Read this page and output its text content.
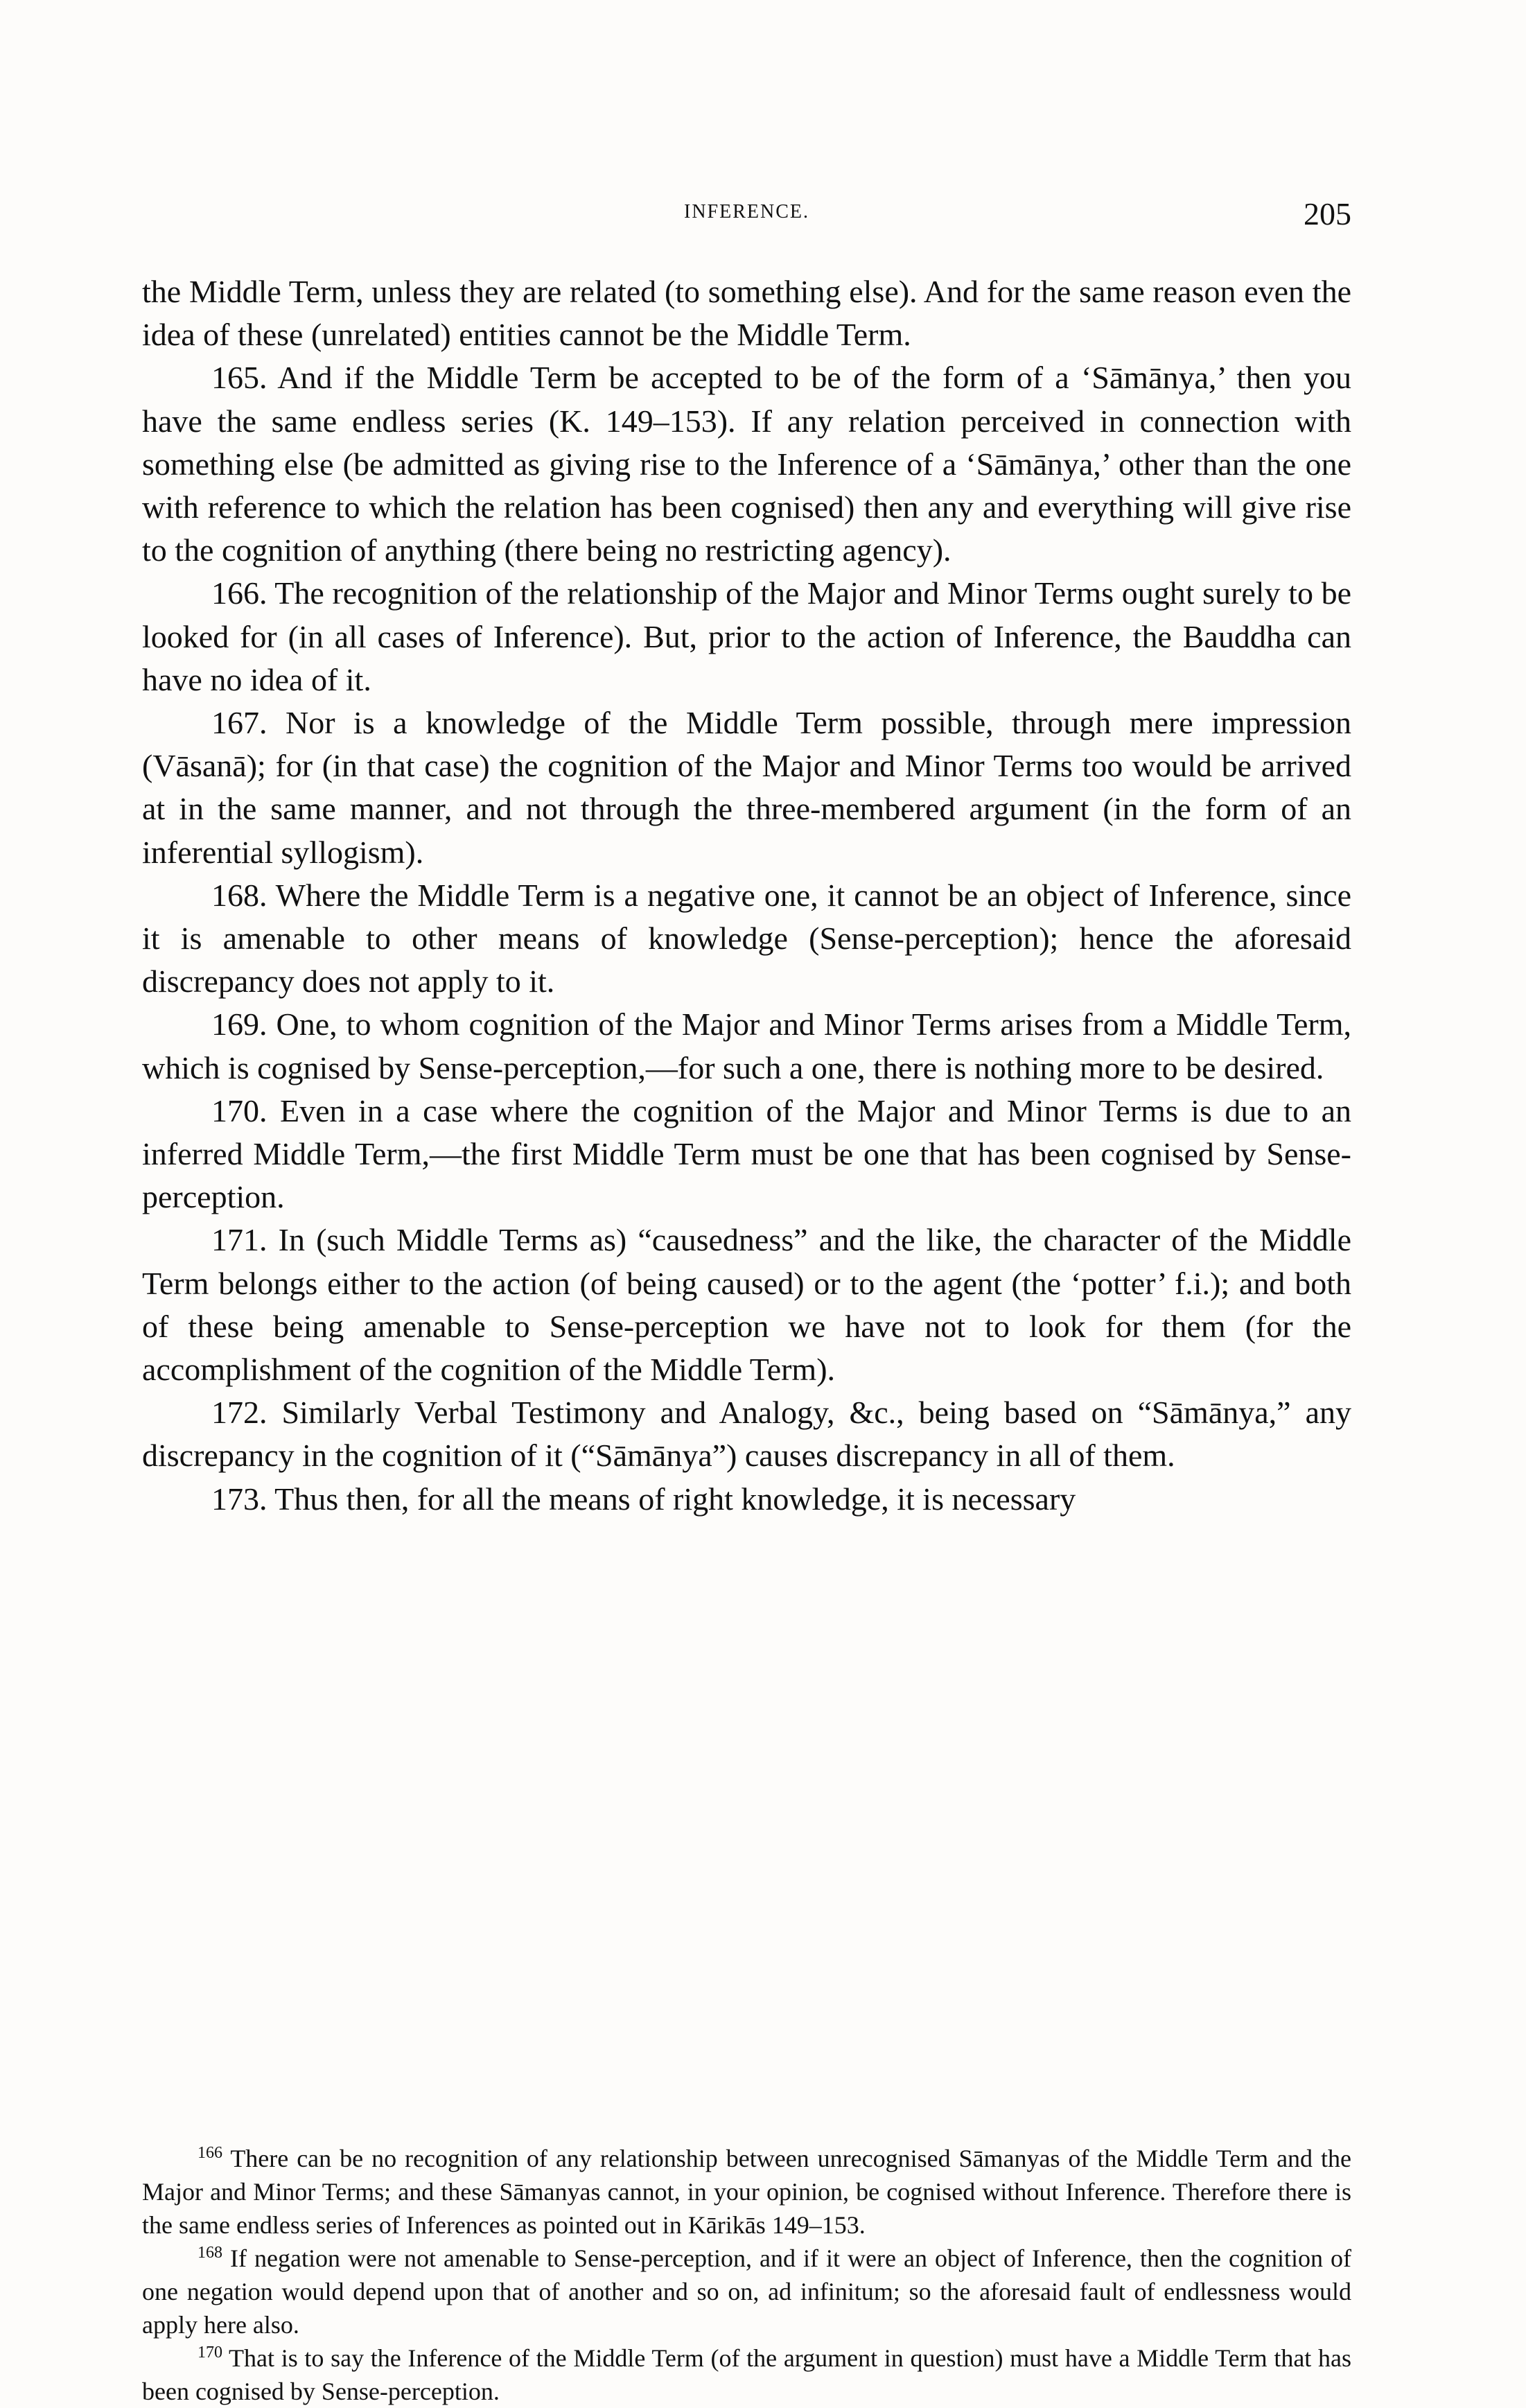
INFERENCE.	205

the Middle Term, unless they are related (to something else). And for the same reason even the idea of these (unrelated) entities cannot be the Middle Term.

165. And if the Middle Term be accepted to be of the form of a ‘Sāmānya,’ then you have the same endless series (K. 149–153). If any relation perceived in connection with something else (be admitted as giving rise to the Inference of a ‘Sāmānya,’ other than the one with reference to which the relation has been cognised) then any and everything will give rise to the cognition of anything (there being no restricting agency).

166. The recognition of the relationship of the Major and Minor Terms ought surely to be looked for (in all cases of Inference). But, prior to the action of Inference, the Bauddha can have no idea of it.

167. Nor is a knowledge of the Middle Term possible, through mere impression (Vāsanā); for (in that case) the cognition of the Major and Minor Terms too would be arrived at in the same manner, and not through the three-membered argument (in the form of an inferential syllogism).

168. Where the Middle Term is a negative one, it cannot be an object of Inference, since it is amenable to other means of knowledge (Sense-perception); hence the aforesaid discrepancy does not apply to it.

169. One, to whom cognition of the Major and Minor Terms arises from a Middle Term, which is cognised by Sense-perception,—for such a one, there is nothing more to be desired.

170. Even in a case where the cognition of the Major and Minor Terms is due to an inferred Middle Term,—the first Middle Term must be one that has been cognised by Sense-perception.

171. In (such Middle Terms as) “causedness” and the like, the character of the Middle Term belongs either to the action (of being caused) or to the agent (the ‘potter’ f.i.); and both of these being amenable to Sense-perception we have not to look for them (for the accomplishment of the cognition of the Middle Term).

172. Similarly Verbal Testimony and Analogy, &c., being based on “Sāmānya,” any discrepancy in the cognition of it (“Sāmānya”) causes discrepancy in all of them.

173. Thus then, for all the means of right knowledge, it is necessary

$^{166}$ There can be no recognition of any relationship between unrecognised Sāmanyas of the Middle Term and the Major and Minor Terms; and these Sāmanyas cannot, in your opinion, be cognised without Inference. Therefore there is the same endless series of Inferences as pointed out in Kārikās 149–153.

$^{168}$ If negation were not amenable to Sense-perception, and if it were an object of Inference, then the cognition of one negation would depend upon that of another and so on, ad infinitum; so the aforesaid fault of endlessness would apply here also.

$^{170}$ That is to say the Inference of the Middle Term (of the argument in question) must have a Middle Term that has been cognised by Sense-perception.
